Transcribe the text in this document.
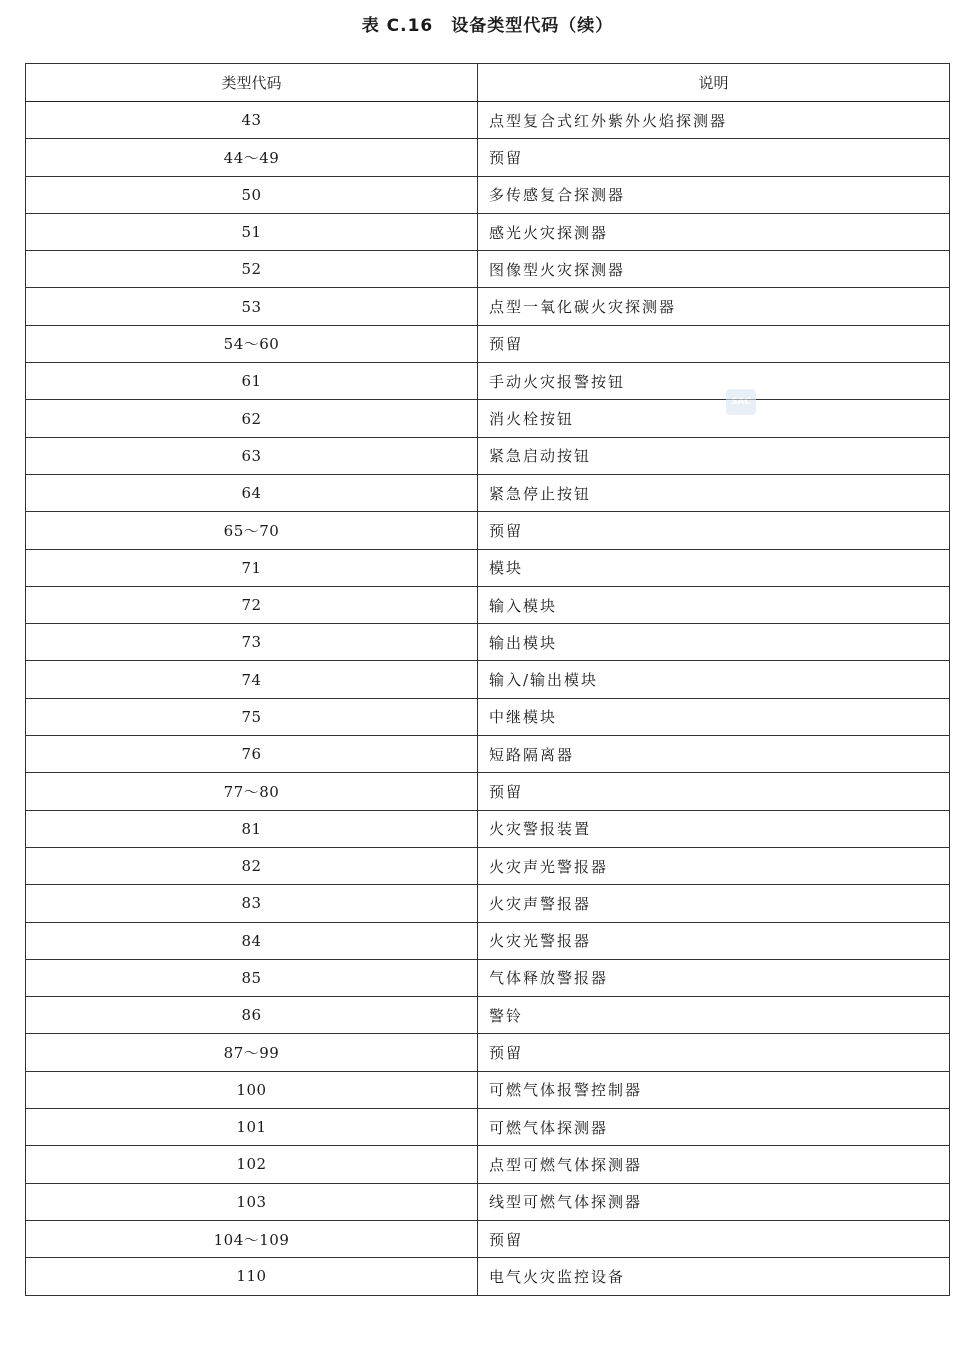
表 C.16 设备类型代码（续）
类型代码	说明
43	点型复合式红外紫外火焰探测器
44～49	预留
50	多传感复合探测器
51	感光火灾探测器
52	图像型火灾探测器
53	点型一氧化碳火灾探测器
54～60	预留
61	手动火灾报警按钮
62	消火栓按钮
63	紧急启动按钮
64	紧急停止按钮
65～70	预留
71	模块
72	输入模块
73	输出模块
74	输入/输出模块
75	中继模块
76	短路隔离器
77～80	预留
81	火灾警报装置
82	火灾声光警报器
83	火灾声警报器
84	火灾光警报器
85	气体释放警报器
86	警铃
87～99	预留
100	可燃气体报警控制器
101	可燃气体探测器
102	点型可燃气体探测器
103	线型可燃气体探测器
104～109	预留
110	电气火灾监控设备
SAC
